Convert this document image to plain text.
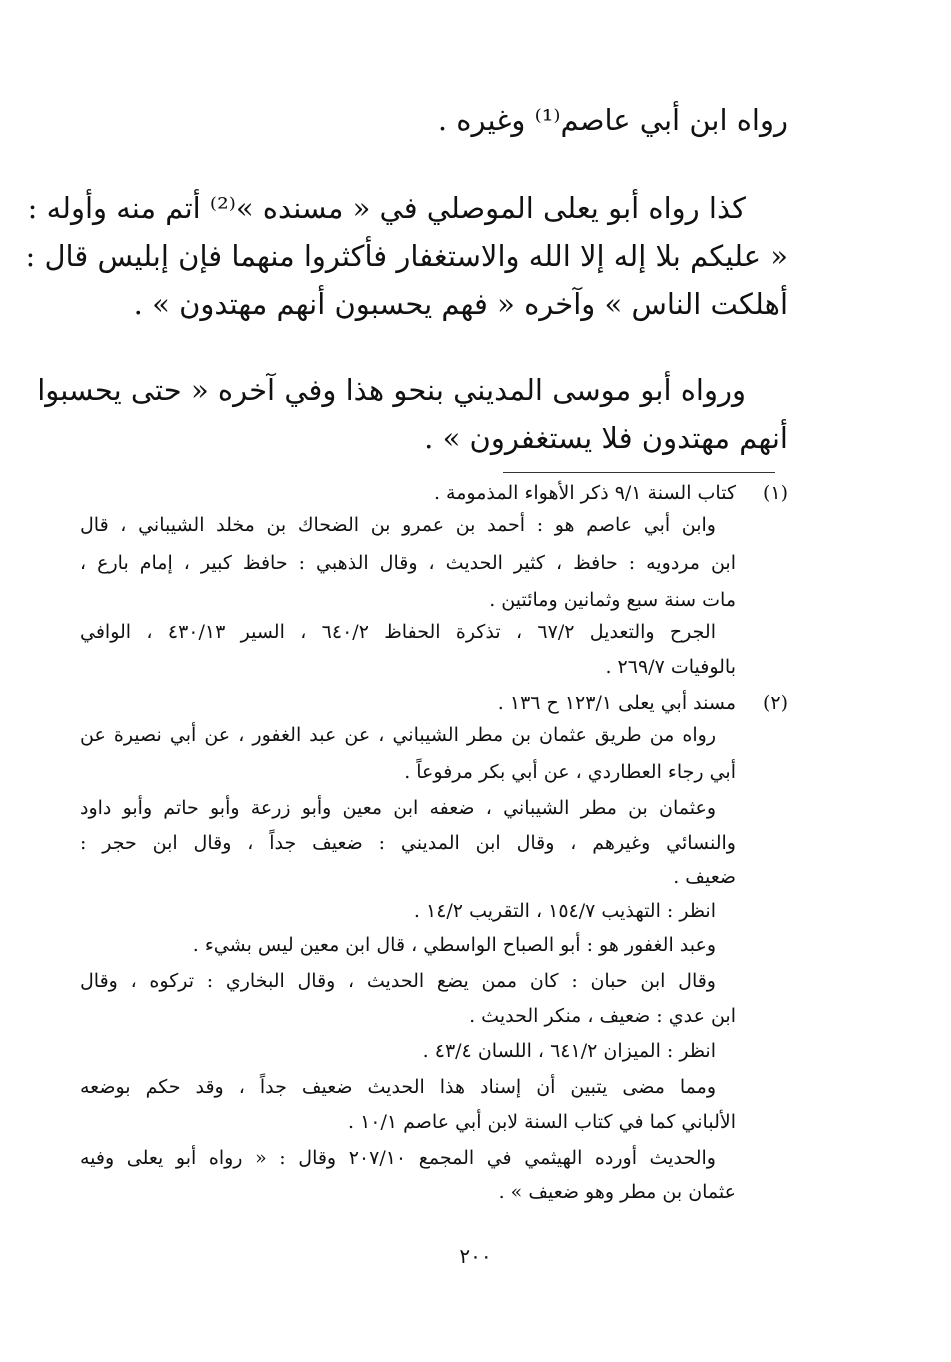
رواه ابن أبي عاصم⁽¹⁾ وغيره .
كذا رواه أبو يعلى الموصلي في « مسنده »⁽²⁾ أتم منه وأوله :
« عليكم بلا إله إلا الله والاستغفار فأكثروا منهما فإن إبليس قال :
أهلكت الناس » وآخره « فهم يحسبون أنهم مهتدون » .
ورواه أبو موسى المديني بنحو هذا وفي آخره « حتى يحسبوا
أنهم مهتدون فلا يستغفرون » .
(١)
(٢)
كتاب السنة ٩/١ ذكر الأهواء المذمومة .
وابن أبي عاصم هو : أحمد بن عمرو بن الضحاك بن مخلد الشيباني ، قال
ابن مردويه : حافظ ، كثير الحديث ، وقال الذهبي : حافظ كبير ، إمام بارع ،
مات سنة سبع وثمانين ومائتين .
الجرح والتعديل ٦٧/٢ ، تذكرة الحفاظ ٦٤٠/٢ ، السير ٤٣٠/١٣ ، الوافي
بالوفيات ٢٦٩/٧ .
مسند أبي يعلى ١٢٣/١ ح ١٣٦ .
رواه من طريق عثمان بن مطر الشيباني ، عن عبد الغفور ، عن أبي نصيرة عن
أبي رجاء العطاردي ، عن أبي بكر مرفوعاً .
وعثمان بن مطر الشيباني ، ضعفه ابن معين وأبو زرعة وأبو حاتم وأبو داود
والنسائي وغيرهم ، وقال ابن المديني : ضعيف جداً ، وقال ابن حجر :
ضعيف .
انظر : التهذيب ١٥٤/٧ ، التقريب ١٤/٢ .
وعبد الغفور هو : أبو الصباح الواسطي ، قال ابن معين ليس بشيء .
وقال ابن حبان : كان ممن يضع الحديث ، وقال البخاري : تركوه ، وقال
ابن عدي : ضعيف ، منكر الحديث .
انظر : الميزان ٦٤١/٢ ، اللسان ٤٣/٤ .
ومما مضى يتبين أن إسناد هذا الحديث ضعيف جداً ، وقد حكم بوضعه
الألباني كما في كتاب السنة لابن أبي عاصم ١٠/١ .
والحديث أورده الهيثمي في المجمع ٢٠٧/١٠ وقال : « رواه أبو يعلى وفيه
عثمان بن مطر وهو ضعيف » .
٢٠٠
